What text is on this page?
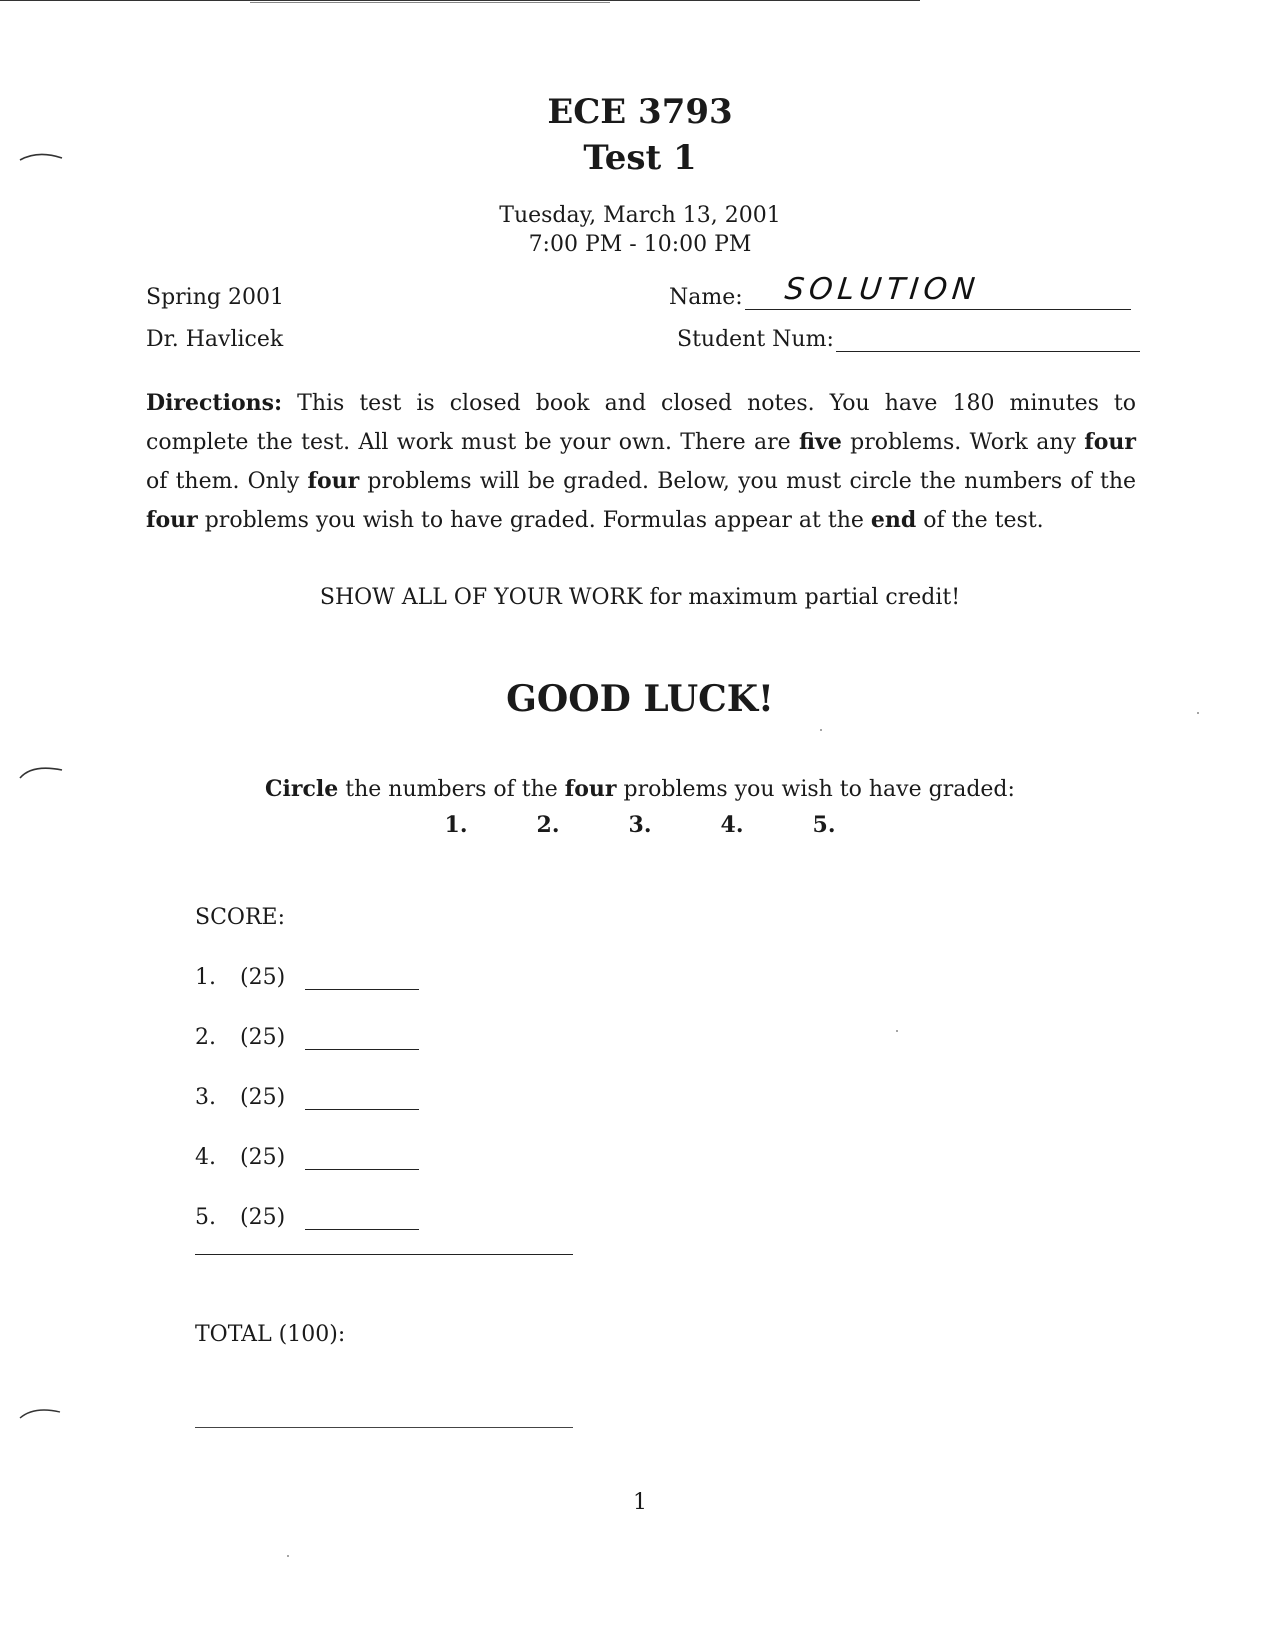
ECE 3793
Test 1
Tuesday, March 13, 2001
7:00 PM - 10:00 PM
Spring 2001
Dr. Havlicek
Name: SOLUTION
Student Num:
Directions: This test is closed book and closed notes. You have 180 minutes to complete the test. All work must be your own. There are five problems. Work any four of them. Only four problems will be graded. Below, you must circle the numbers of the four problems you wish to have graded. Formulas appear at the end of the test.
SHOW ALL OF YOUR WORK for maximum partial credit!
GOOD LUCK!
Circle the numbers of the four problems you wish to have graded:
1.	2.	3.	4.	5.
SCORE:
1.	(25)
2.	(25)
3.	(25)
4.	(25)
5.	(25)
TOTAL (100):
1
